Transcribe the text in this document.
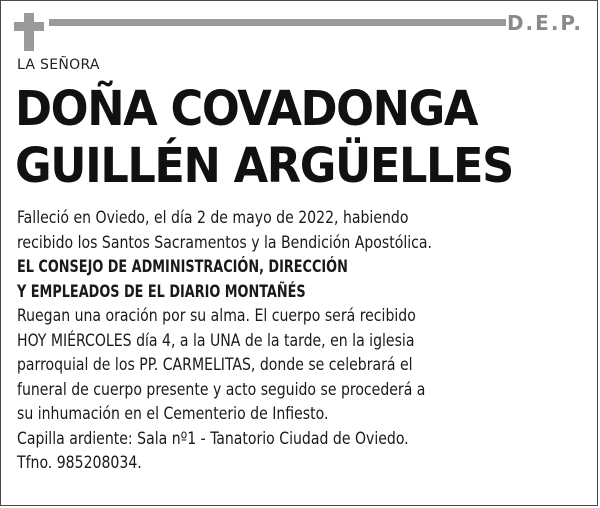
D.E.P.
LA SEÑORA
DOÑA COVADONGA
GUILLÉN ARGÜELLES
Falleció en Oviedo, el día 2 de mayo de 2022, habiendo
recibido los Santos Sacramentos y la Bendición Apostólica.
EL CONSEJO DE ADMINISTRACIÓN, DIRECCIÓN
Y EMPLEADOS DE EL DIARIO MONTAÑÉS
Ruegan una oración por su alma. El cuerpo será recibido
HOY MIÉRCOLES día 4, a la UNA de la tarde, en la iglesia
parroquial de los PP. CARMELITAS, donde se celebrará el
funeral de cuerpo presente y acto seguido se procederá a
su inhumación en el Cementerio de Infiesto.
Capilla ardiente: Sala nº1 - Tanatorio Ciudad de Oviedo.
Tfno. 985208034.
